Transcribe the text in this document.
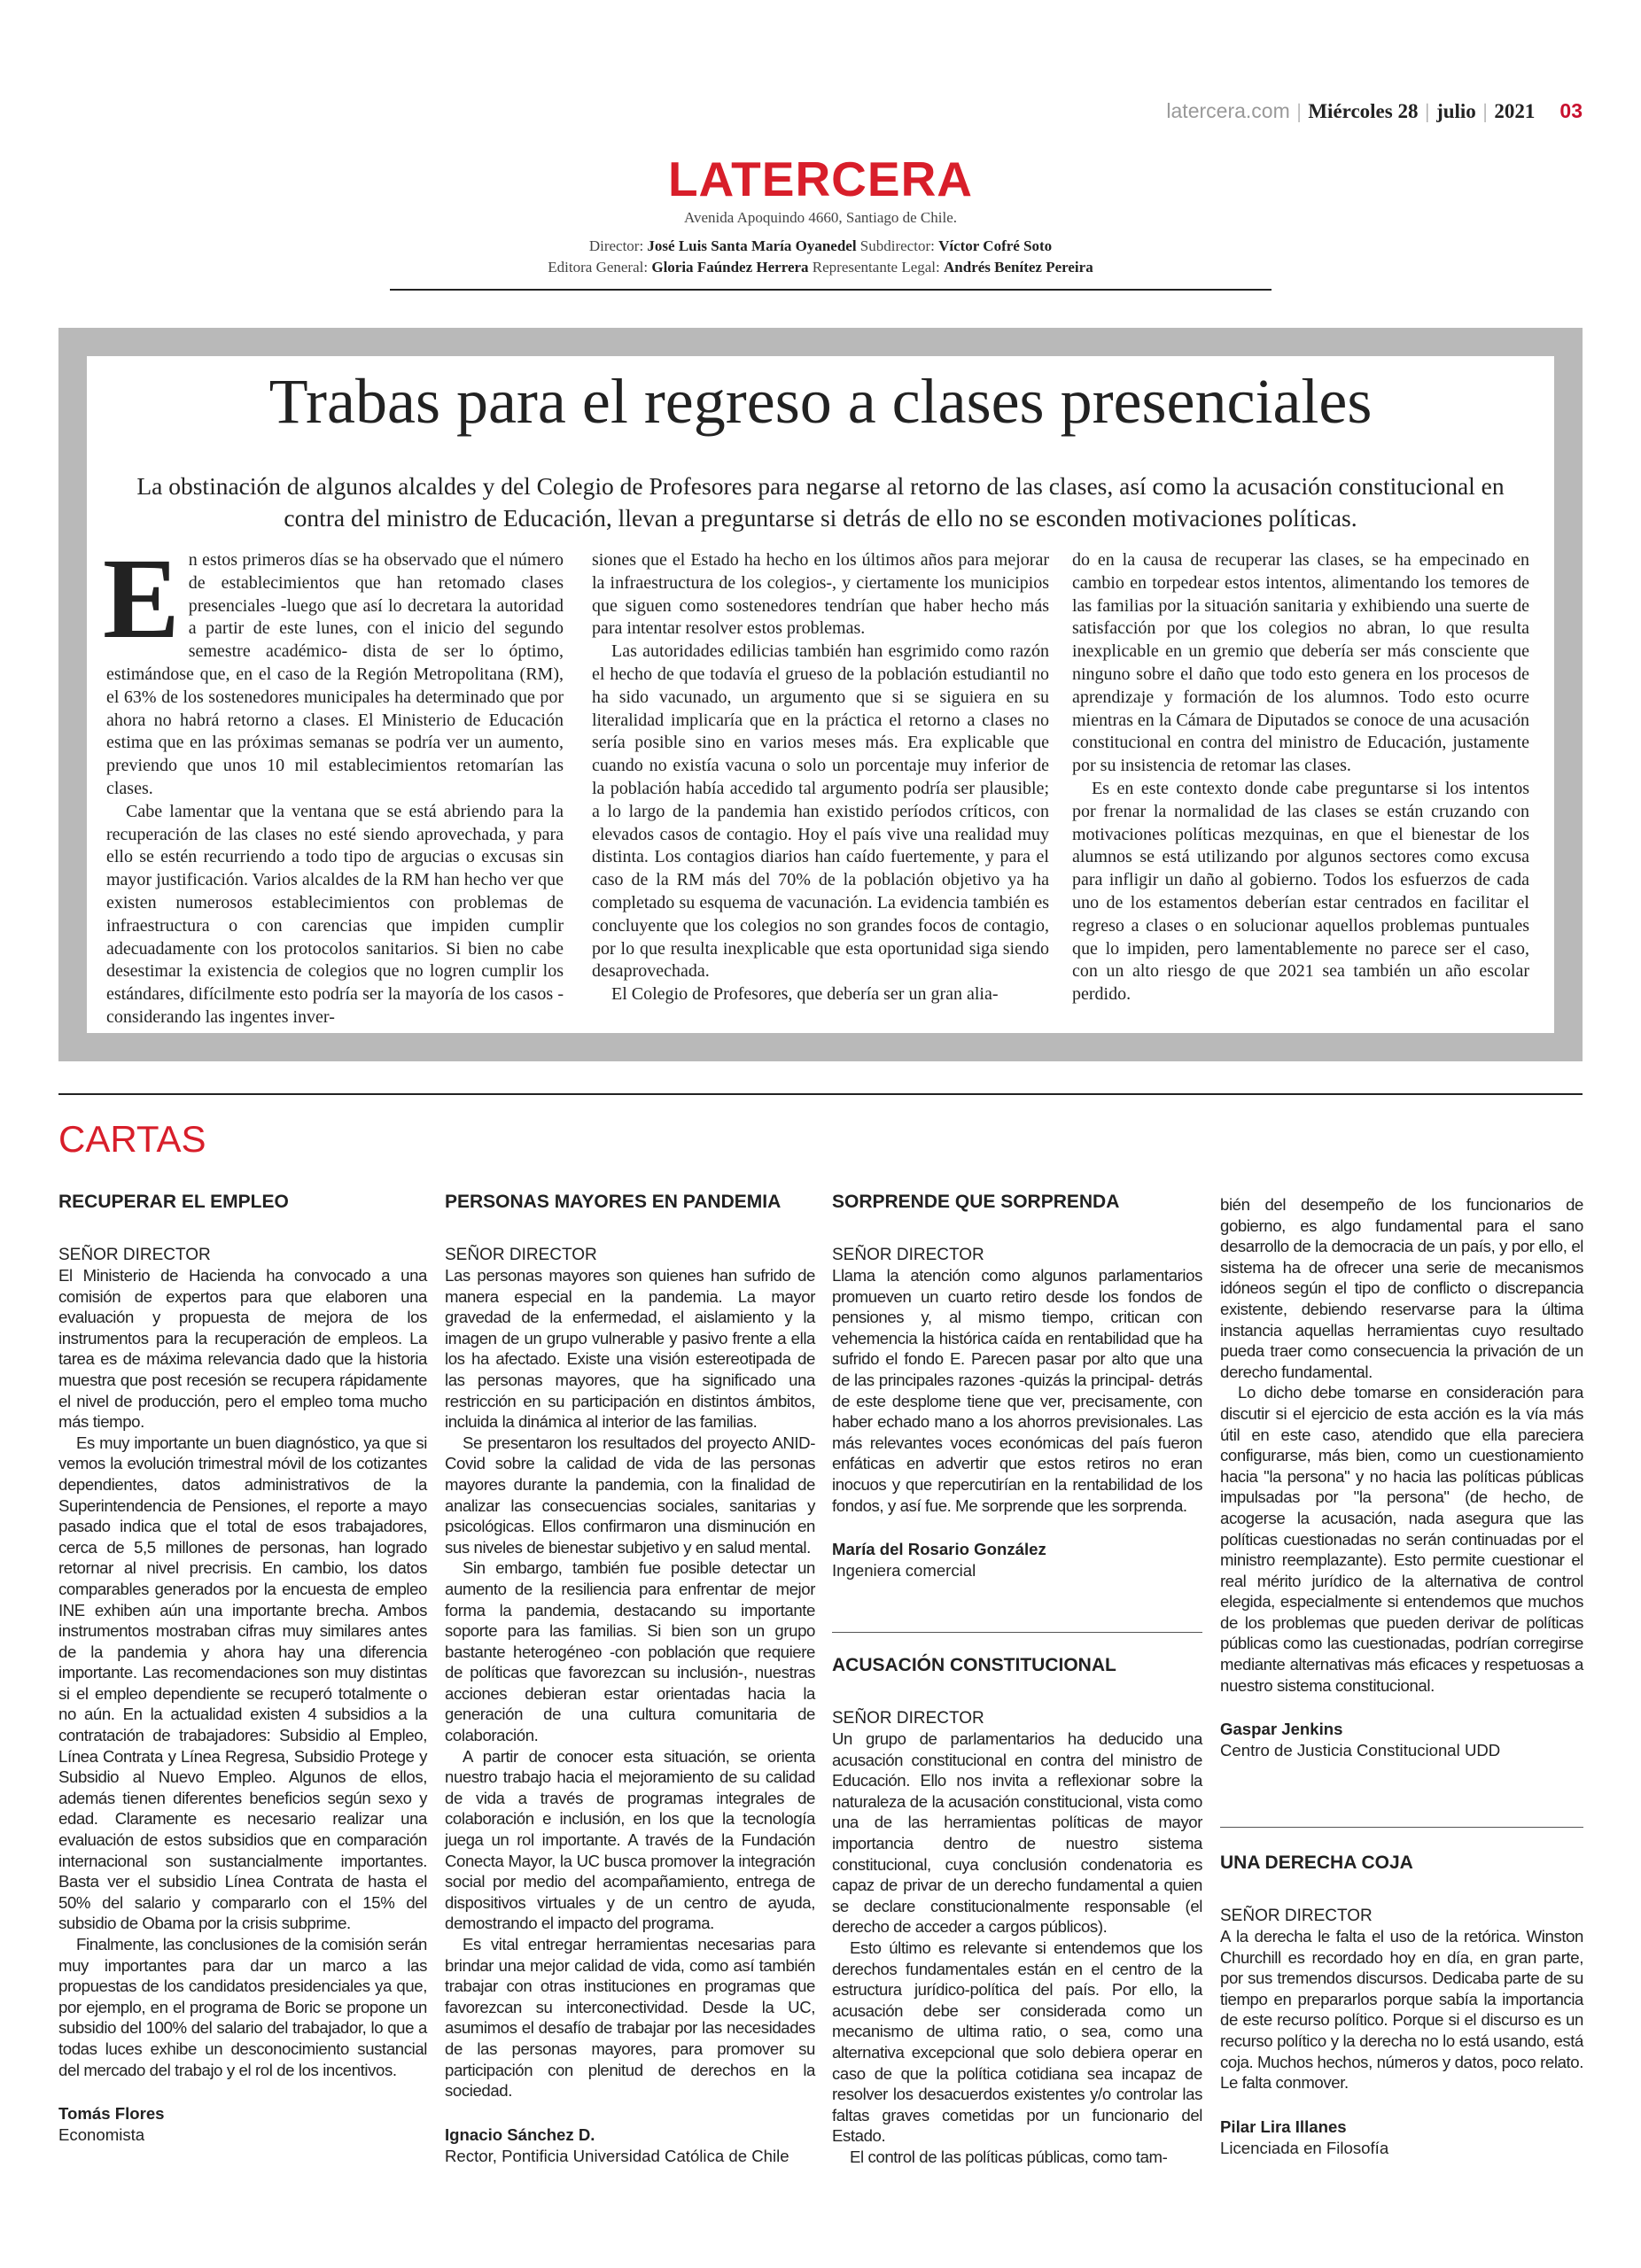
latercera.com | Miércoles 28 | julio | 2021 03
LATERCERA
Avenida Apoquindo 4660, Santiago de Chile.
Director: José Luis Santa María Oyanedel Subdirector: Víctor Cofré Soto
Editora General: Gloria Faúndez Herrera Representante Legal: Andrés Benítez Pereira
Trabas para el regreso a clases presenciales
La obstinación de algunos alcaldes y del Colegio de Profesores para negarse al retorno de las clases, así como la acusación constitucional en contra del ministro de Educación, llevan a preguntarse si detrás de ello no se esconden motivaciones políticas.

En estos primeros días se ha observado que el número de establecimientos que han retomado clases presenciales -luego que así lo decretara la autoridad a partir de este lunes, con el inicio del segundo semestre académico- dista de ser lo óptimo, estimándose que, en el caso de la Región Metropolitana (RM), el 63% de los sostenedores municipales ha determinado que por ahora no habrá retorno a clases. El Ministerio de Educación estima que en las próximas semanas se podría ver un aumento, previendo que unos 10 mil establecimientos retomarían las clases.

Cabe lamentar que la ventana que se está abriendo para la recuperación de las clases no esté siendo aprovechada, y para ello se estén recurriendo a todo tipo de argucias o excusas sin mayor justificación. Varios alcaldes de la RM han hecho ver que existen numerosos establecimientos con problemas de infraestructura o con carencias que impiden cumplir adecuadamente con los protocolos sanitarios. Si bien no cabe desestimar la existencia de colegios que no logren cumplir los estándares, difícilmente esto podría ser la mayoría de los casos -considerando las ingentes inver-

siones que el Estado ha hecho en los últimos años para mejorar la infraestructura de los colegios-, y ciertamente los municipios que siguen como sostenedores tendrían que haber hecho más para intentar resolver estos problemas.

Las autoridades edilicias también han esgrimido como razón el hecho de que todavía el grueso de la población estudiantil no ha sido vacunado, un argumento que si se siguiera en su literalidad implicaría que en la práctica el retorno a clases no sería posible sino en varios meses más. Era explicable que cuando no existía vacuna o solo un porcentaje muy inferior de la población había accedido tal argumento podría ser plausible; a lo largo de la pandemia han existido períodos críticos, con elevados casos de contagio. Hoy el país vive una realidad muy distinta. Los contagios diarios han caído fuertemente, y para el caso de la RM más del 70% de la población objetivo ya ha completado su esquema de vacunación. La evidencia también es concluyente que los colegios no son grandes focos de contagio, por lo que resulta inexplicable que esta oportunidad siga siendo desaprovechada.

El Colegio de Profesores, que debería ser un gran alia-

do en la causa de recuperar las clases, se ha empecinado en cambio en torpedear estos intentos, alimentando los temores de las familias por la situación sanitaria y exhibiendo una suerte de satisfacción por que los colegios no abran, lo que resulta inexplicable en un gremio que debería ser más consciente que ninguno sobre el daño que todo esto genera en los procesos de aprendizaje y formación de los alumnos. Todo esto ocurre mientras en la Cámara de Diputados se conoce de una acusación constitucional en contra del ministro de Educación, justamente por su insistencia de retomar las clases.

Es en este contexto donde cabe preguntarse si los intentos por frenar la normalidad de las clases se están cruzando con motivaciones políticas mezquinas, en que el bienestar de los alumnos se está utilizando por algunos sectores como excusa para infligir un daño al gobierno. Todos los esfuerzos de cada uno de los estamentos deberían estar centrados en facilitar el regreso a clases o en solucionar aquellos problemas puntuales que lo impiden, pero lamentablemente no parece ser el caso, con un alto riesgo de que 2021 sea también un año escolar perdido.

CARTAS
RECUPERAR EL EMPLEO
SEÑOR DIRECTOR

El Ministerio de Hacienda ha convocado a una comisión de expertos para que elaboren una evaluación y propuesta de mejora de los instrumentos para la recuperación de empleos. La tarea es de máxima relevancia dado que la historia muestra que post recesión se recupera rápidamente el nivel de producción, pero el empleo toma mucho más tiempo.

Es muy importante un buen diagnóstico, ya que si vemos la evolución trimestral móvil de los cotizantes dependientes, datos administrativos de la Superintendencia de Pensiones, el reporte a mayo pasado indica que el total de esos trabajadores, cerca de 5,5 millones de personas, han logrado retornar al nivel precrisis. En cambio, los datos comparables generados por la encuesta de empleo INE exhiben aún una importante brecha. Ambos instrumentos mostraban cifras muy similares antes de la pandemia y ahora hay una diferencia importante. Las recomendaciones son muy distintas si el empleo dependiente se recuperó totalmente o no aún. En la actualidad existen 4 subsidios a la contratación de trabajadores: Subsidio al Empleo, Línea Contrata y Línea Regresa, Subsidio Protege y Subsidio al Nuevo Empleo. Algunos de ellos, además tienen diferentes beneficios según sexo y edad. Claramente es necesario realizar una evaluación de estos subsidios que en comparación internacional son sustancialmente importantes. Basta ver el subsidio Línea Contrata de hasta el 50% del salario y compararlo con el 15% del subsidio de Obama por la crisis subprime.

Finalmente, las conclusiones de la comisión serán muy importantes para dar un marco a las propuestas de los candidatos presidenciales ya que, por ejemplo, en el programa de Boric se propone un subsidio del 100% del salario del trabajador, lo que a todas luces exhibe un desconocimiento sustancial del mercado del trabajo y el rol de los incentivos.

Tomás Flores
Economista
PERSONAS MAYORES EN PANDEMIA
SEÑOR DIRECTOR

Las personas mayores son quienes han sufrido de manera especial en la pandemia. La mayor gravedad de la enfermedad, el aislamiento y la imagen de un grupo vulnerable y pasivo frente a ella los ha afectado. Existe una visión estereotipada de las personas mayores, que ha significado una restricción en su participación en distintos ámbitos, incluida la dinámica al interior de las familias.

Se presentaron los resultados del proyecto ANID-Covid sobre la calidad de vida de las personas mayores durante la pandemia, con la finalidad de analizar las consecuencias sociales, sanitarias y psicológicas. Ellos confirmaron una disminución en sus niveles de bienestar subjetivo y en salud mental.

Sin embargo, también fue posible detectar un aumento de la resiliencia para enfrentar de mejor forma la pandemia, destacando su importante soporte para las familias. Si bien son un grupo bastante heterogéneo -con población que requiere de políticas que favorezcan su inclusión-, nuestras acciones debieran estar orientadas hacia la generación de una cultura comunitaria de colaboración.

A partir de conocer esta situación, se orienta nuestro trabajo hacia el mejoramiento de su calidad de vida a través de programas integrales de colaboración e inclusión, en los que la tecnología juega un rol importante. A través de la Fundación Conecta Mayor, la UC busca promover la integración social por medio del acompañamiento, entrega de dispositivos virtuales y de un centro de ayuda, demostrando el impacto del programa.

Es vital entregar herramientas necesarias para brindar una mejor calidad de vida, como así también trabajar con otras instituciones en programas que favorezcan su interconectividad. Desde la UC, asumimos el desafío de trabajar por las necesidades de las personas mayores, para promover su participación con plenitud de derechos en la sociedad.

Ignacio Sánchez D.
Rector, Pontificia Universidad Católica de Chile
SORPRENDE QUE SORPRENDA
SEÑOR DIRECTOR

Llama la atención como algunos parlamentarios promueven un cuarto retiro desde los fondos de pensiones y, al mismo tiempo, critican con vehemencia la histórica caída en rentabilidad que ha sufrido el fondo E. Parecen pasar por alto que una de las principales razones -quizás la principal- detrás de este desplome tiene que ver, precisamente, con haber echado mano a los ahorros previsionales. Las más relevantes voces económicas del país fueron enfáticas en advertir que estos retiros no eran inocuos y que repercutirían en la rentabilidad de los fondos, y así fue. Me sorprende que les sorprenda.

María del Rosario González
Ingeniera comercial
ACUSACIÓN CONSTITUCIONAL
SEÑOR DIRECTOR

Un grupo de parlamentarios ha deducido una acusación constitucional en contra del ministro de Educación. Ello nos invita a reflexionar sobre la naturaleza de la acusación constitucional, vista como una de las herramientas políticas de mayor importancia dentro de nuestro sistema constitucional, cuya conclusión condenatoria es capaz de privar de un derecho fundamental a quien se declare constitucionalmente responsable (el derecho de acceder a cargos públicos).

Esto último es relevante si entendemos que los derechos fundamentales están en el centro de la estructura jurídico-política del país. Por ello, la acusación debe ser considerada como un mecanismo de ultima ratio, o sea, como una alternativa excepcional que solo debiera operar en caso de que la política cotidiana sea incapaz de resolver los desacuerdos existentes y/o controlar las faltas graves cometidas por un funcionario del Estado.

El control de las políticas públicas, como tam-

bién del desempeño de los funcionarios de gobierno, es algo fundamental para el sano desarrollo de la democracia de un país, y por ello, el sistema ha de ofrecer una serie de mecanismos idóneos según el tipo de conflicto o discrepancia existente, debiendo reservarse para la última instancia aquellas herramientas cuyo resultado pueda traer como consecuencia la privación de un derecho fundamental.

Lo dicho debe tomarse en consideración para discutir si el ejercicio de esta acción es la vía más útil en este caso, atendido que ella pareciera configurarse, más bien, como un cuestionamiento hacia "la persona" y no hacia las políticas públicas impulsadas por "la persona" (de hecho, de acogerse la acusación, nada asegura que las políticas cuestionadas no serán continuadas por el ministro reemplazante). Esto permite cuestionar el real mérito jurídico de la alternativa de control elegida, especialmente si entendemos que muchos de los problemas que pueden derivar de políticas públicas como las cuestionadas, podrían corregirse mediante alternativas más eficaces y respetuosas a nuestro sistema constitucional.

Gaspar Jenkins
Centro de Justicia Constitucional UDD
UNA DERECHA COJA
SEÑOR DIRECTOR

A la derecha le falta el uso de la retórica. Winston Churchill es recordado hoy en día, en gran parte, por sus tremendos discursos. Dedicaba parte de su tiempo en prepararlos porque sabía la importancia de este recurso político. Porque si el discurso es un recurso político y la derecha no lo está usando, está coja. Muchos hechos, números y datos, poco relato. Le falta conmover.

Pilar Lira Illanes
Licenciada en Filosofía
